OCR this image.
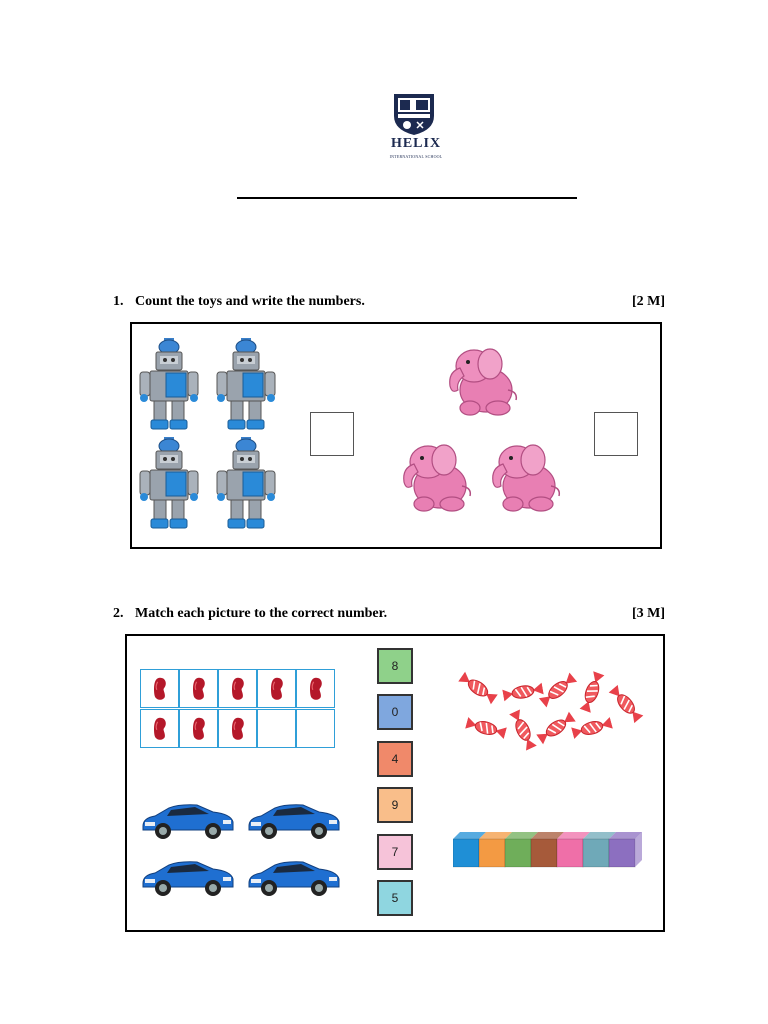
HELIX
INTERNATIONAL SCHOOL
1. Count the toys and write the numbers.	[2 M]
2. Match each picture to the correct number.	[3 M]
8
0
4
9
7
5
